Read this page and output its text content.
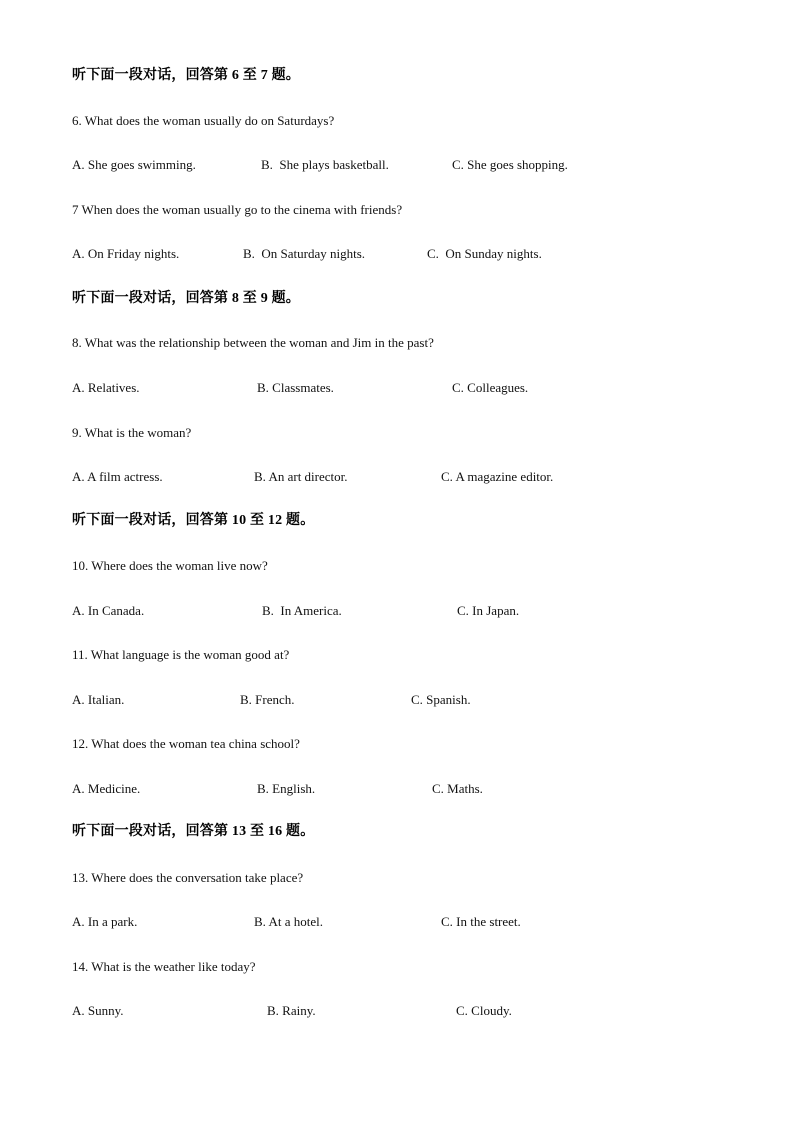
听下面一段对话，回答第 6 至 7 题。
6. What does the woman usually do on Saturdays?
A. She goes swimming.	B.  She plays basketball.	C. She goes shopping.
7 When does the woman usually go to the cinema with friends?
A. On Friday nights.	B.  On Saturday nights.	C.  On Sunday nights.
听下面一段对话，回答第 8 至 9 题。
8. What was the relationship between the woman and Jim in the past?
A. Relatives.	B. Classmates.	C. Colleagues.
9. What is the woman?
A. A film actress.	B. An art director.	C. A magazine editor.
听下面一段对话，回答第 10 至 12 题。
10. Where does the woman live now?
A. In Canada.	B.  In America.	C. In Japan.
11. What language is the woman good at?
A. Italian.	B. French.	C. Spanish.
12. What does the woman tea china school?
A. Medicine.	B. English.	C. Maths.
听下面一段对话，回答第 13 至 16 题。
13. Where does the conversation take place?
A. In a park.	B. At a hotel.	C. In the street.
14. What is the weather like today?
A. Sunny.	B. Rainy.	C. Cloudy.
